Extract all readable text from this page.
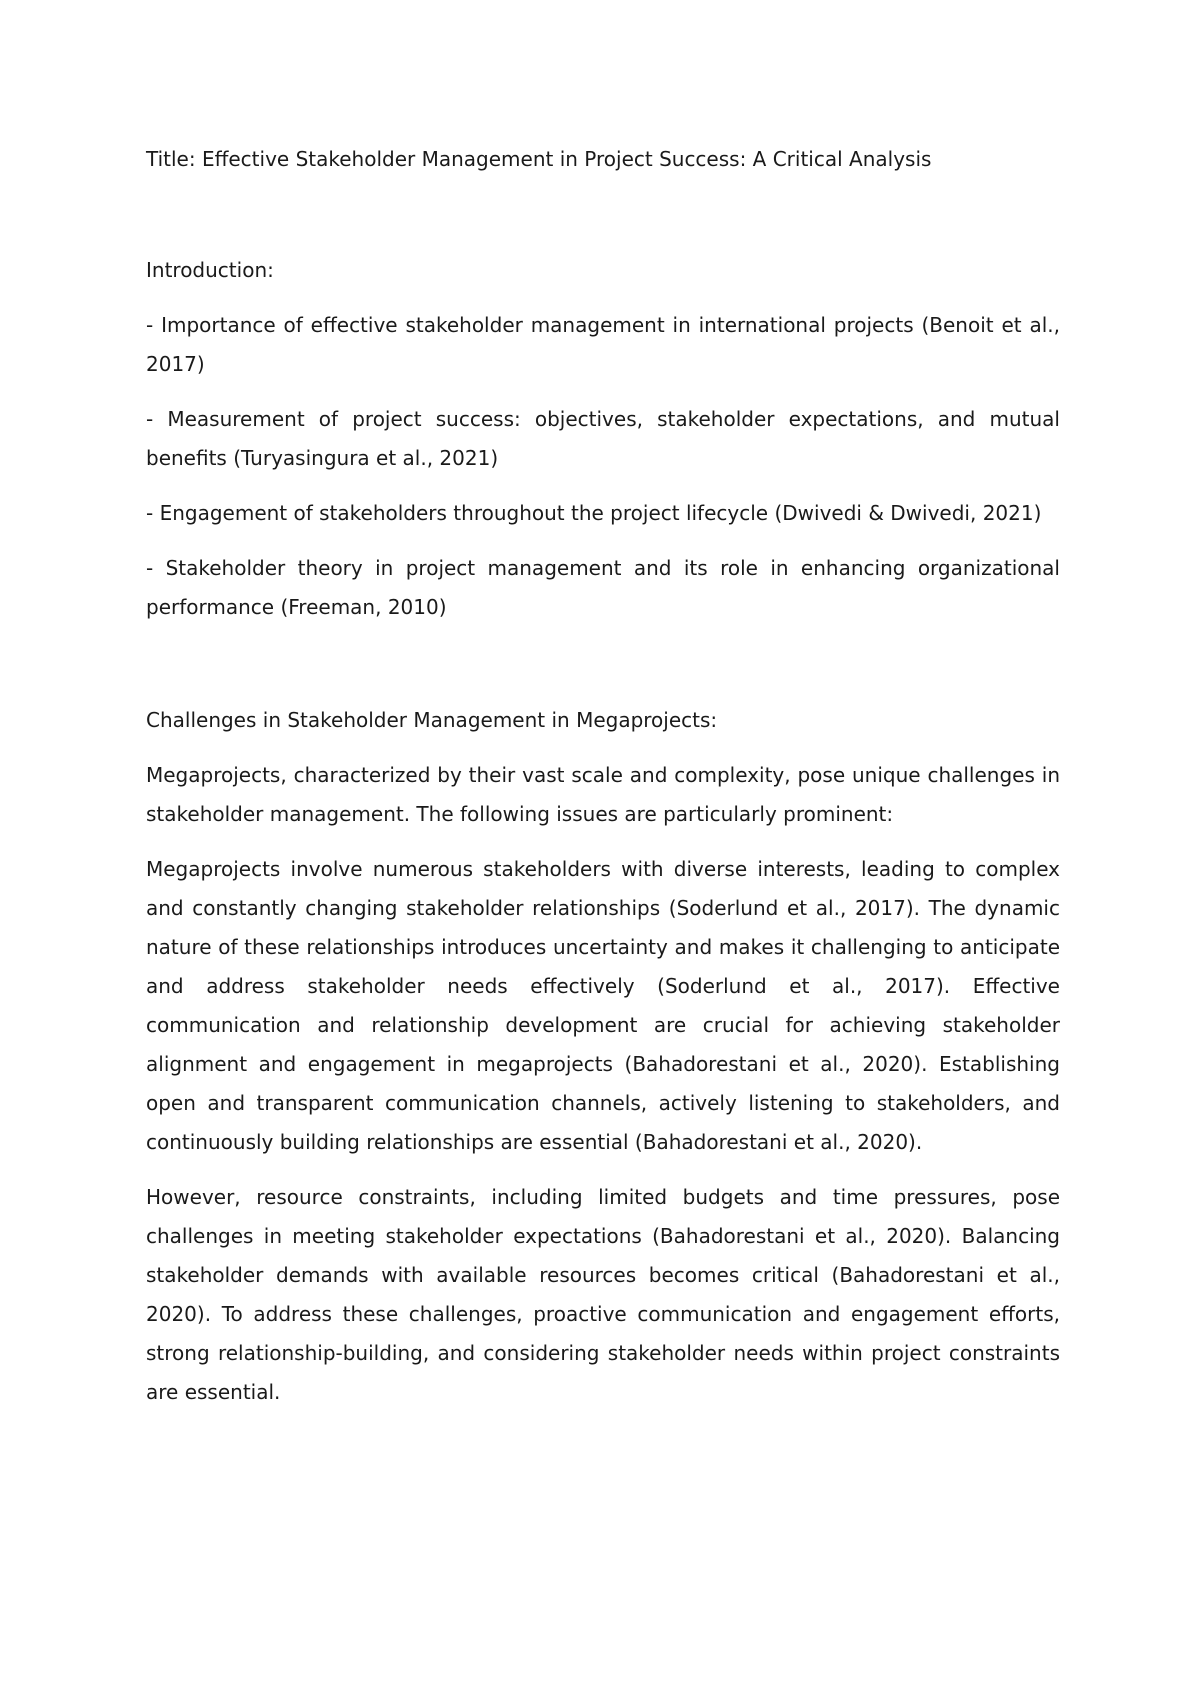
Title: Effective Stakeholder Management in Project Success: A Critical Analysis

Introduction:

- Importance of effective stakeholder management in international projects (Benoit et al., 2017)

- Measurement of project success: objectives, stakeholder expectations, and mutual benefits (Turyasingura et al., 2021)

- Engagement of stakeholders throughout the project lifecycle (Dwivedi & Dwivedi, 2021)

- Stakeholder theory in project management and its role in enhancing organizational performance (Freeman, 2010)

Challenges in Stakeholder Management in Megaprojects:

Megaprojects, characterized by their vast scale and complexity, pose unique challenges in stakeholder management. The following issues are particularly prominent:

Megaprojects involve numerous stakeholders with diverse interests, leading to complex and constantly changing stakeholder relationships (Soderlund et al., 2017). The dynamic nature of these relationships introduces uncertainty and makes it challenging to anticipate and address stakeholder needs effectively (Soderlund et al., 2017). Effective communication and relationship development are crucial for achieving stakeholder alignment and engagement in megaprojects (Bahadorestani et al., 2020). Establishing open and transparent communication channels, actively listening to stakeholders, and continuously building relationships are essential (Bahadorestani et al., 2020).

However, resource constraints, including limited budgets and time pressures, pose challenges in meeting stakeholder expectations (Bahadorestani et al., 2020). Balancing stakeholder demands with available resources becomes critical (Bahadorestani et al., 2020). To address these challenges, proactive communication and engagement efforts, strong relationship-building, and considering stakeholder needs within project constraints are essential.
